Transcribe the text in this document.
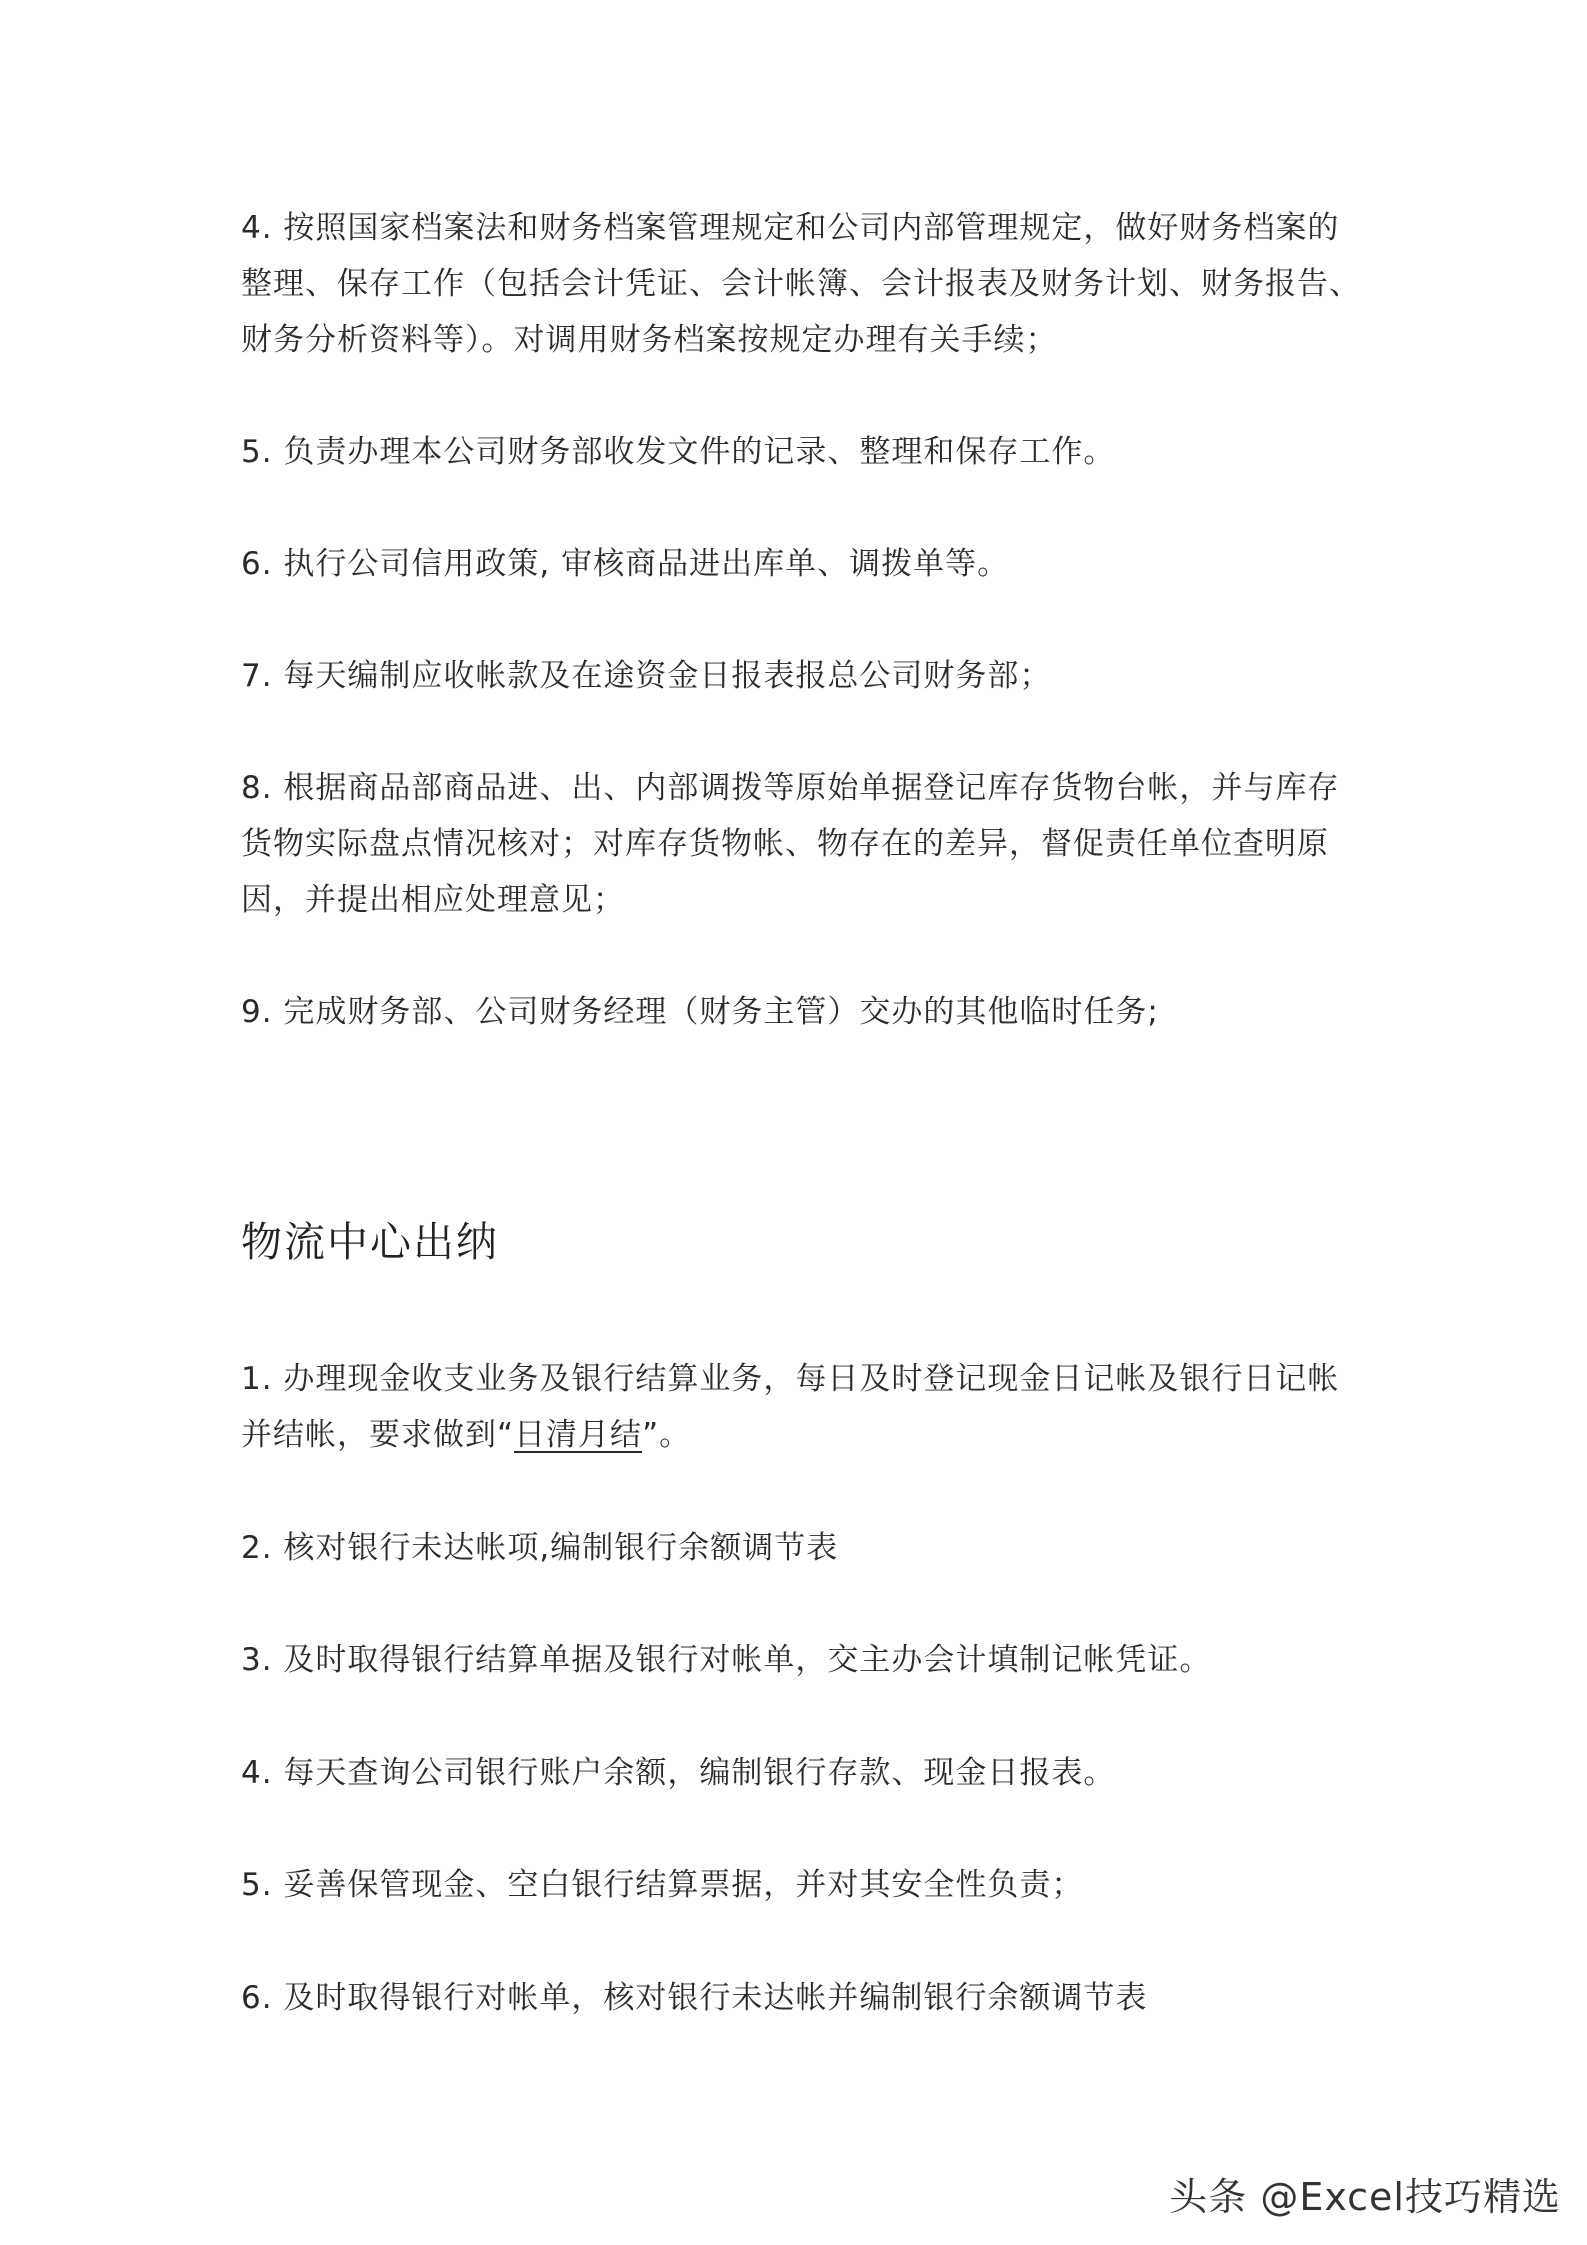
4. 按照国家档案法和财务档案管理规定和公司内部管理规定，做好财务档案的整理、保存工作（包括会计凭证、会计帐簿、会计报表及财务计划、财务报告、财务分析资料等）。对调用财务档案按规定办理有关手续；

5. 负责办理本公司财务部收发文件的记录、整理和保存工作。

6. 执行公司信用政策, 审核商品进出库单、调拨单等。

7. 每天编制应收帐款及在途资金日报表报总公司财务部；

8. 根据商品部商品进、出、内部调拨等原始单据登记库存货物台帐，并与库存货物实际盘点情况核对；对库存货物帐、物存在的差异，督促责任单位查明原因，并提出相应处理意见；

9. 完成财务部、公司财务经理（财务主管）交办的其他临时任务;

物流中心出纳

1. 办理现金收支业务及银行结算业务，每日及时登记现金日记帐及银行日记帐并结帐，要求做到“日清月结”。

2. 核对银行未达帐项,编制银行余额调节表

3. 及时取得银行结算单据及银行对帐单，交主办会计填制记帐凭证。

4. 每天查询公司银行账户余额，编制银行存款、现金日报表。

5. 妥善保管现金、空白银行结算票据，并对其安全性负责；

6. 及时取得银行对帐单，核对银行未达帐并编制银行余额调节表

头条 @Excel技巧精选
